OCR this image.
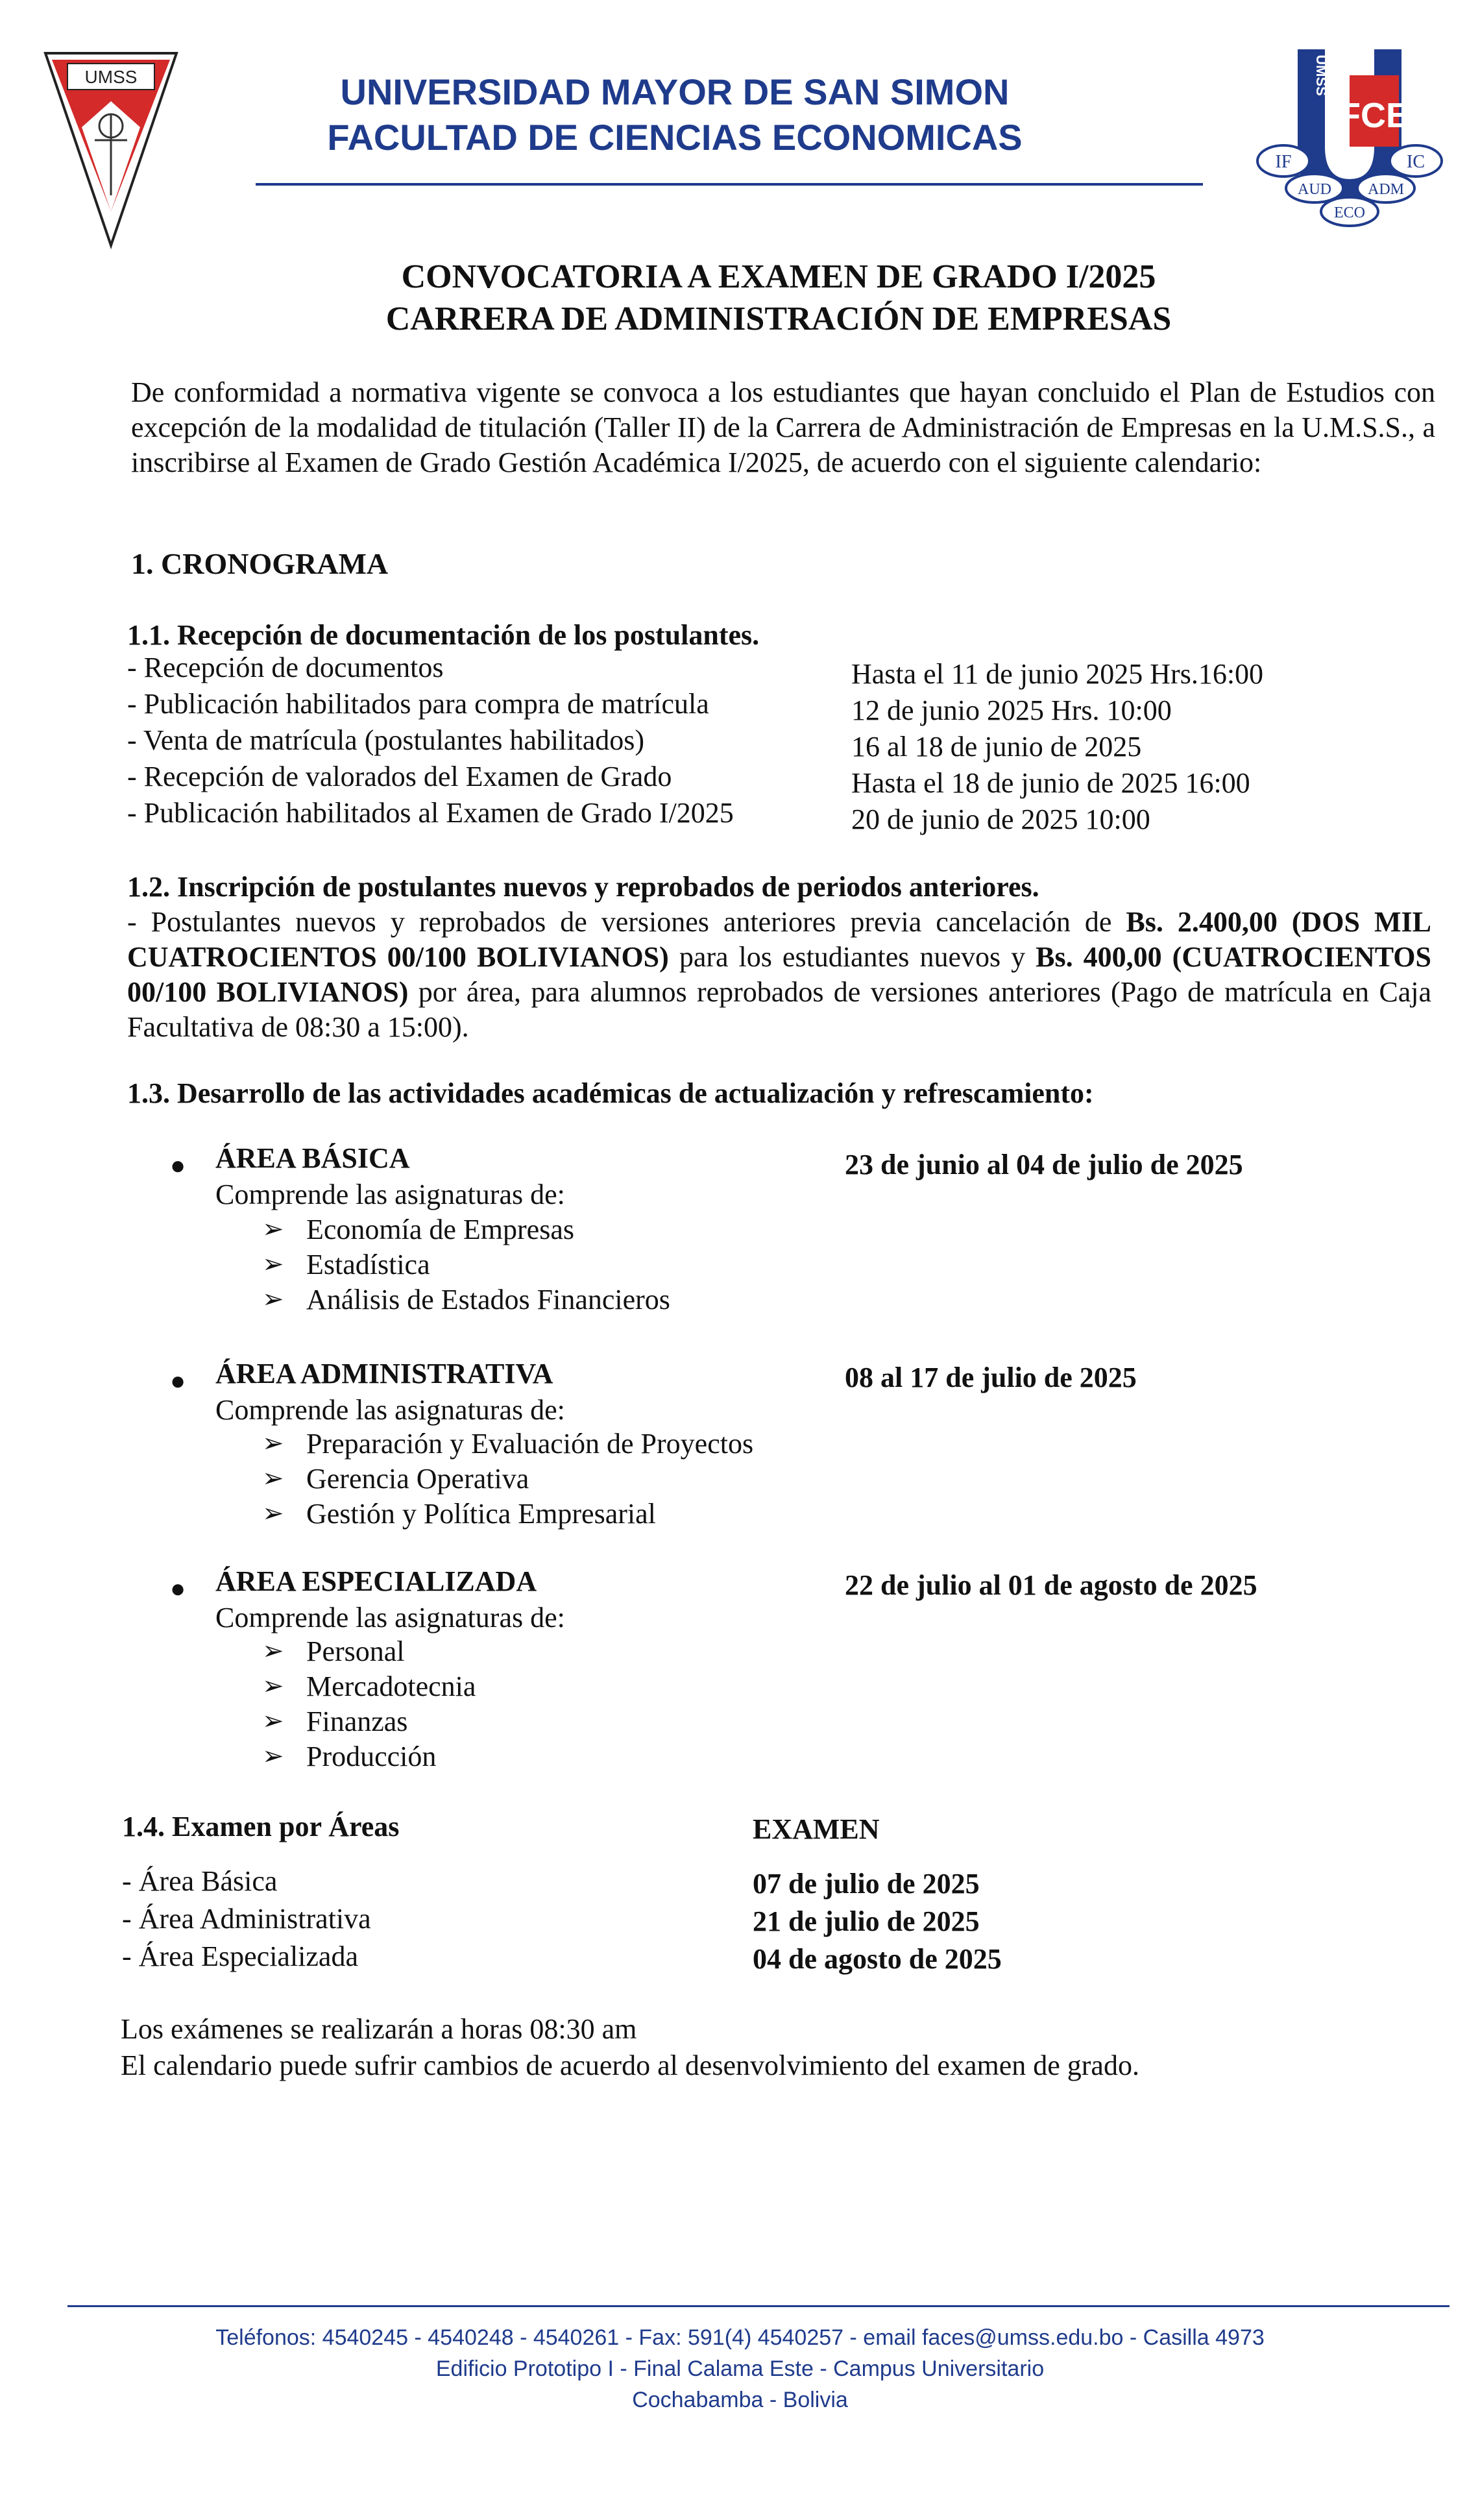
UMSS	UNIVERSIDAD MAYOR DE SAN SIMON
FACULTAD DE CIENCIAS ECONOMICAS
FCE
UMSS
IF	IC
AUD ADM
ECO
CONVOCATORIA A EXAMEN DE GRADO I/2025
CARRERA DE ADMINISTRACIÓN DE EMPRESAS
De conformidad a normativa vigente se convoca a los estudiantes que hayan concluido el Plan de Estudios con excepción de la modalidad de titulación (Taller II) de la Carrera de Administración de Empresas en la U.M.S.S., a inscribirse al Examen de Grado Gestión Académica I/2025, de acuerdo con el siguiente calendario:
1. CRONOGRAMA
1.1. Recepción de documentación de los postulantes.
- Recepción de documentos	Hasta el 11 de junio 2025 Hrs.16:00
- Publicación habilitados para compra de matrícula	12 de junio 2025 Hrs. 10:00
- Venta de matrícula (postulantes habilitados)	16 al 18 de junio de 2025
- Recepción de valorados del Examen de Grado	Hasta el 18 de junio de 2025 16:00
- Publicación habilitados al Examen de Grado I/2025	20 de junio de 2025 10:00
1.2. Inscripción de postulantes nuevos y reprobados de periodos anteriores.
- Postulantes nuevos y reprobados de versiones anteriores previa cancelación de Bs. 2.400,00 (DOS MIL CUATROCIENTOS 00/100 BOLIVIANOS) para los estudiantes nuevos y Bs. 400,00 (CUATROCIENTOS 00/100 BOLIVIANOS) por área, para alumnos reprobados de versiones anteriores (Pago de matrícula en Caja Facultativa de 08:30 a 15:00).
1.3. Desarrollo de las actividades académicas de actualización y refrescamiento:
● ÁREA BÁSICA	23 de junio al 04 de julio de 2025
Comprende las asignaturas de:
➢ Economía de Empresas
➢ Estadística
➢ Análisis de Estados Financieros
● ÁREA ADMINISTRATIVA	08 al 17 de julio de 2025
Comprende las asignaturas de:
➢ Preparación y Evaluación de Proyectos
➢ Gerencia Operativa
➢ Gestión y Política Empresarial
● ÁREA ESPECIALIZADA	22 de julio al 01 de agosto de 2025
Comprende las asignaturas de:
➢ Personal
➢ Mercadotecnia
➢ Finanzas
➢ Producción
1.4. Examen por Áreas	EXAMEN
- Área Básica	07 de julio de 2025
- Área Administrativa	21 de julio de 2025
- Área Especializada	04 de agosto de 2025
Los exámenes se realizarán a horas 08:30 am
El calendario puede sufrir cambios de acuerdo al desenvolvimiento del examen de grado.
Teléfonos: 4540245 - 4540248 - 4540261 - Fax: 591(4) 4540257 - email faces@umss.edu.bo - Casilla 4973
Edificio Prototipo I - Final Calama Este - Campus Universitario
Cochabamba - Bolivia
